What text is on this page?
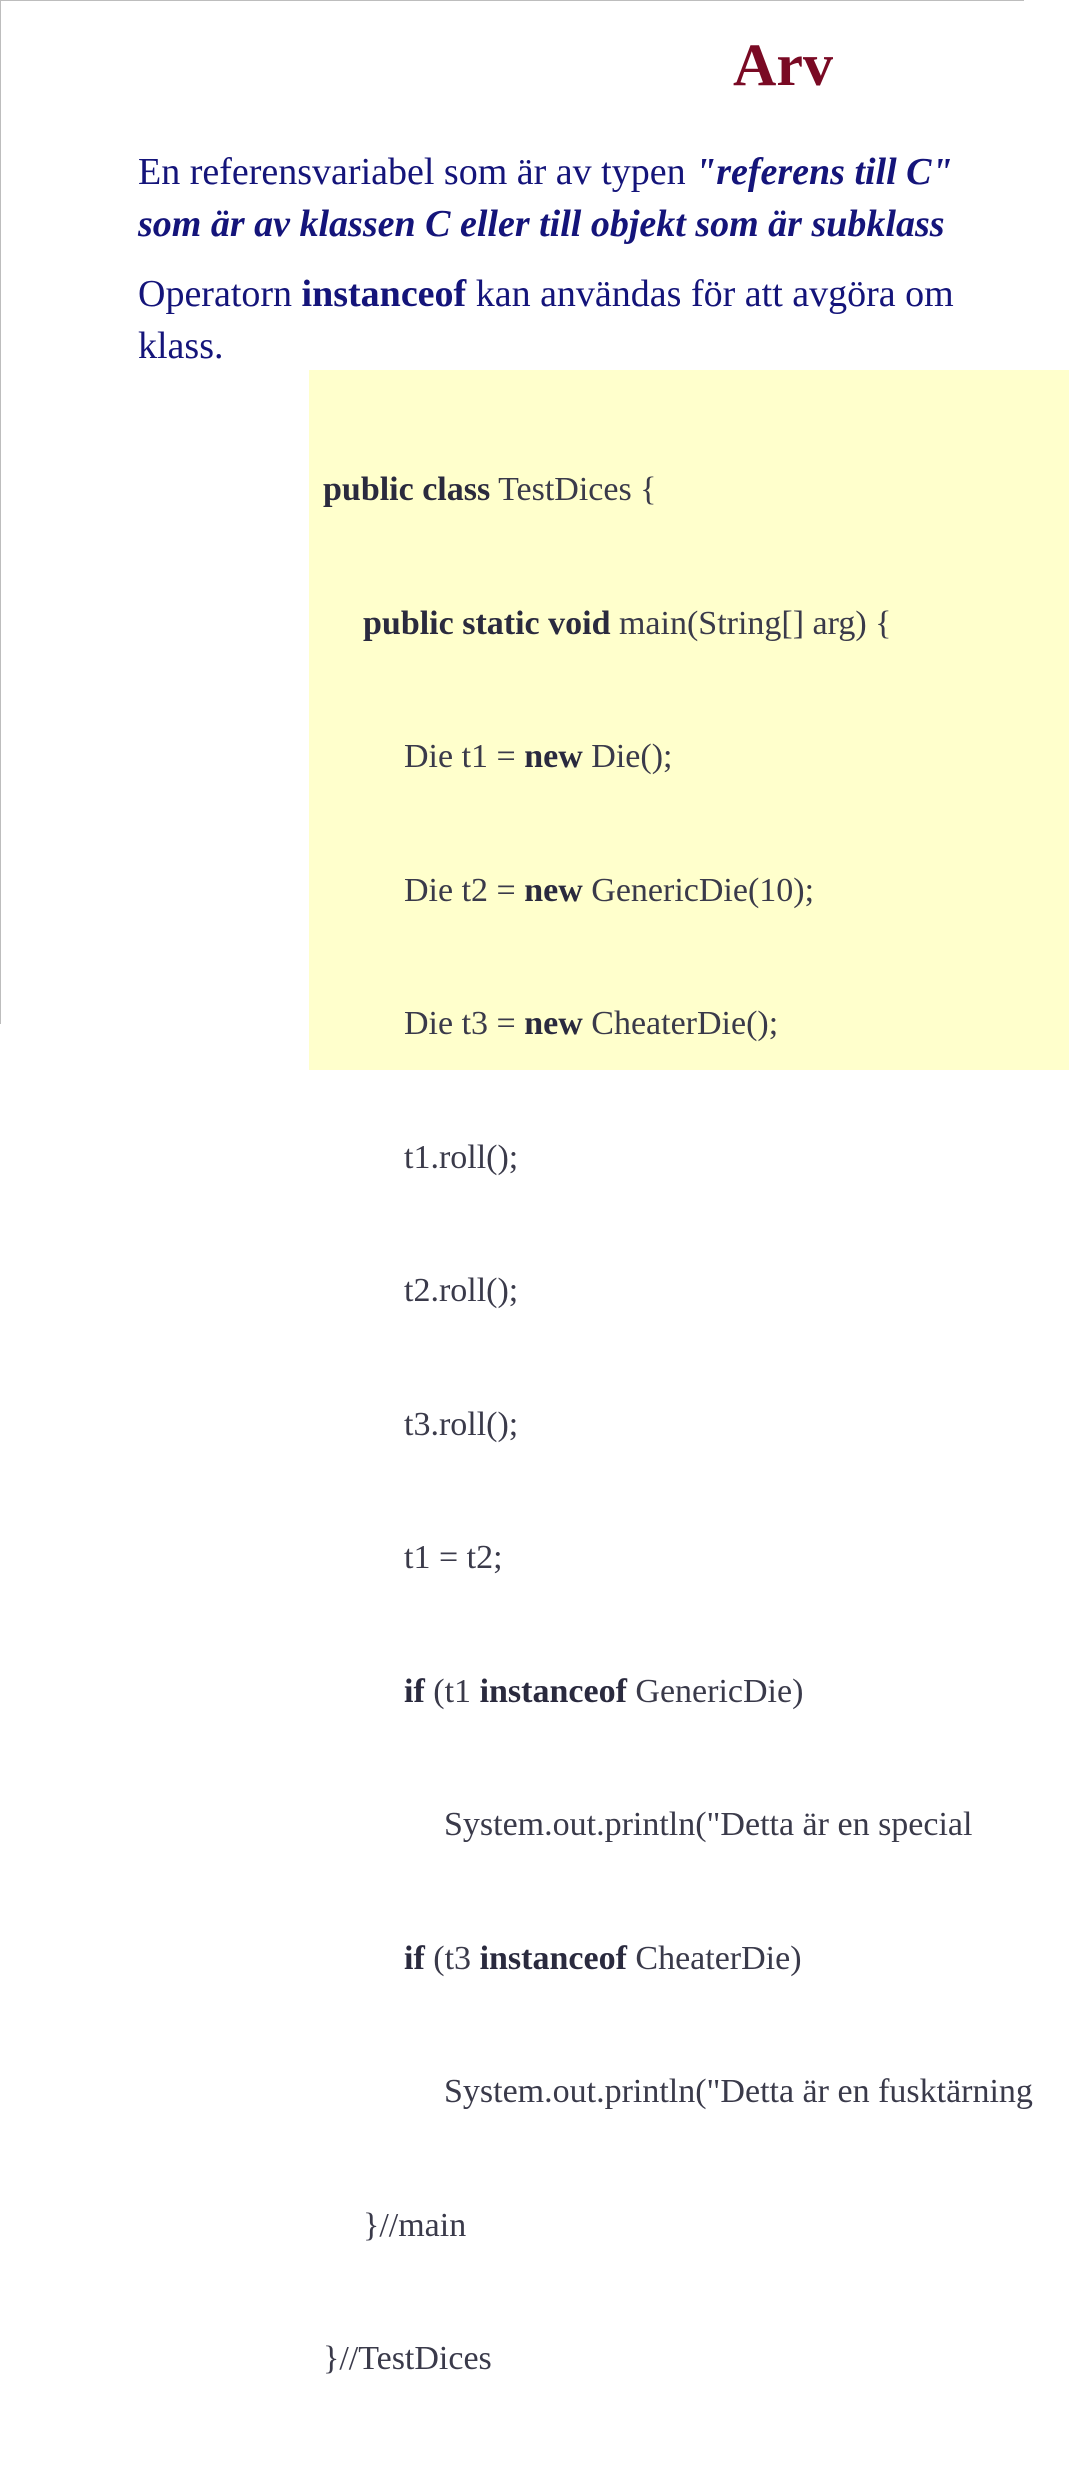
Arv
En referensvariabel som är av typen "referens till C"
som är av klassen C eller till objekt som är subklass
Operatorn instanceof kan användas för att avgöra om
klass.

public class TestDices {

public static void main(String[] arg) {

Die t1 = new Die();

Die t2 = new GenericDie(10);

Die t3 = new CheaterDie();

t1.roll();

t2.roll();

t3.roll();

t1 = t2;

if (t1 instanceof GenericDie)

System.out.println("Detta är en special

if (t3 instanceof CheaterDie)

System.out.println("Detta är en fusktärning

}//main

}//TestDices
